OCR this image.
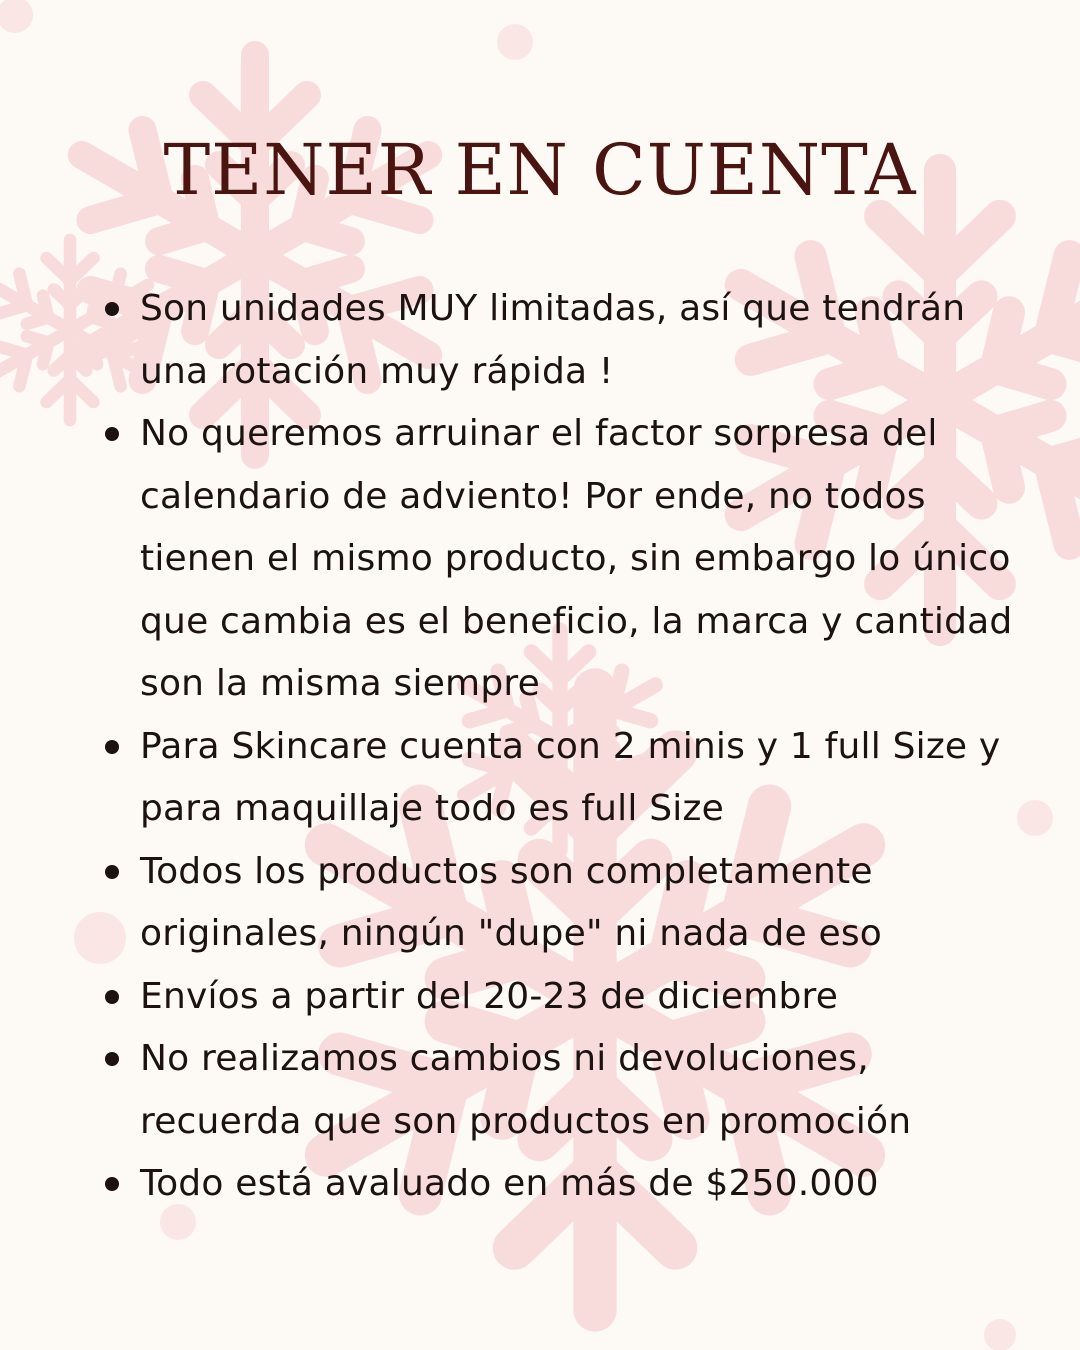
TENER EN CUENTA
Son unidades MUY limitadas, así que tendrán una rotación muy rápida !
No queremos arruinar el factor sorpresa del calendario de adviento! Por ende, no todos tienen el mismo producto, sin embargo lo único que cambia es el beneficio, la marca y cantidad son la misma siempre
Para Skincare cuenta con 2 minis y 1 full Size y para maquillaje todo es full Size
Todos los productos son completamente originales, ningún "dupe" ni nada de eso
Envíos a partir del 20-23 de diciembre
No realizamos cambios ni devoluciones, recuerda que son productos en promoción
Todo está avaluado en más de $250.000
